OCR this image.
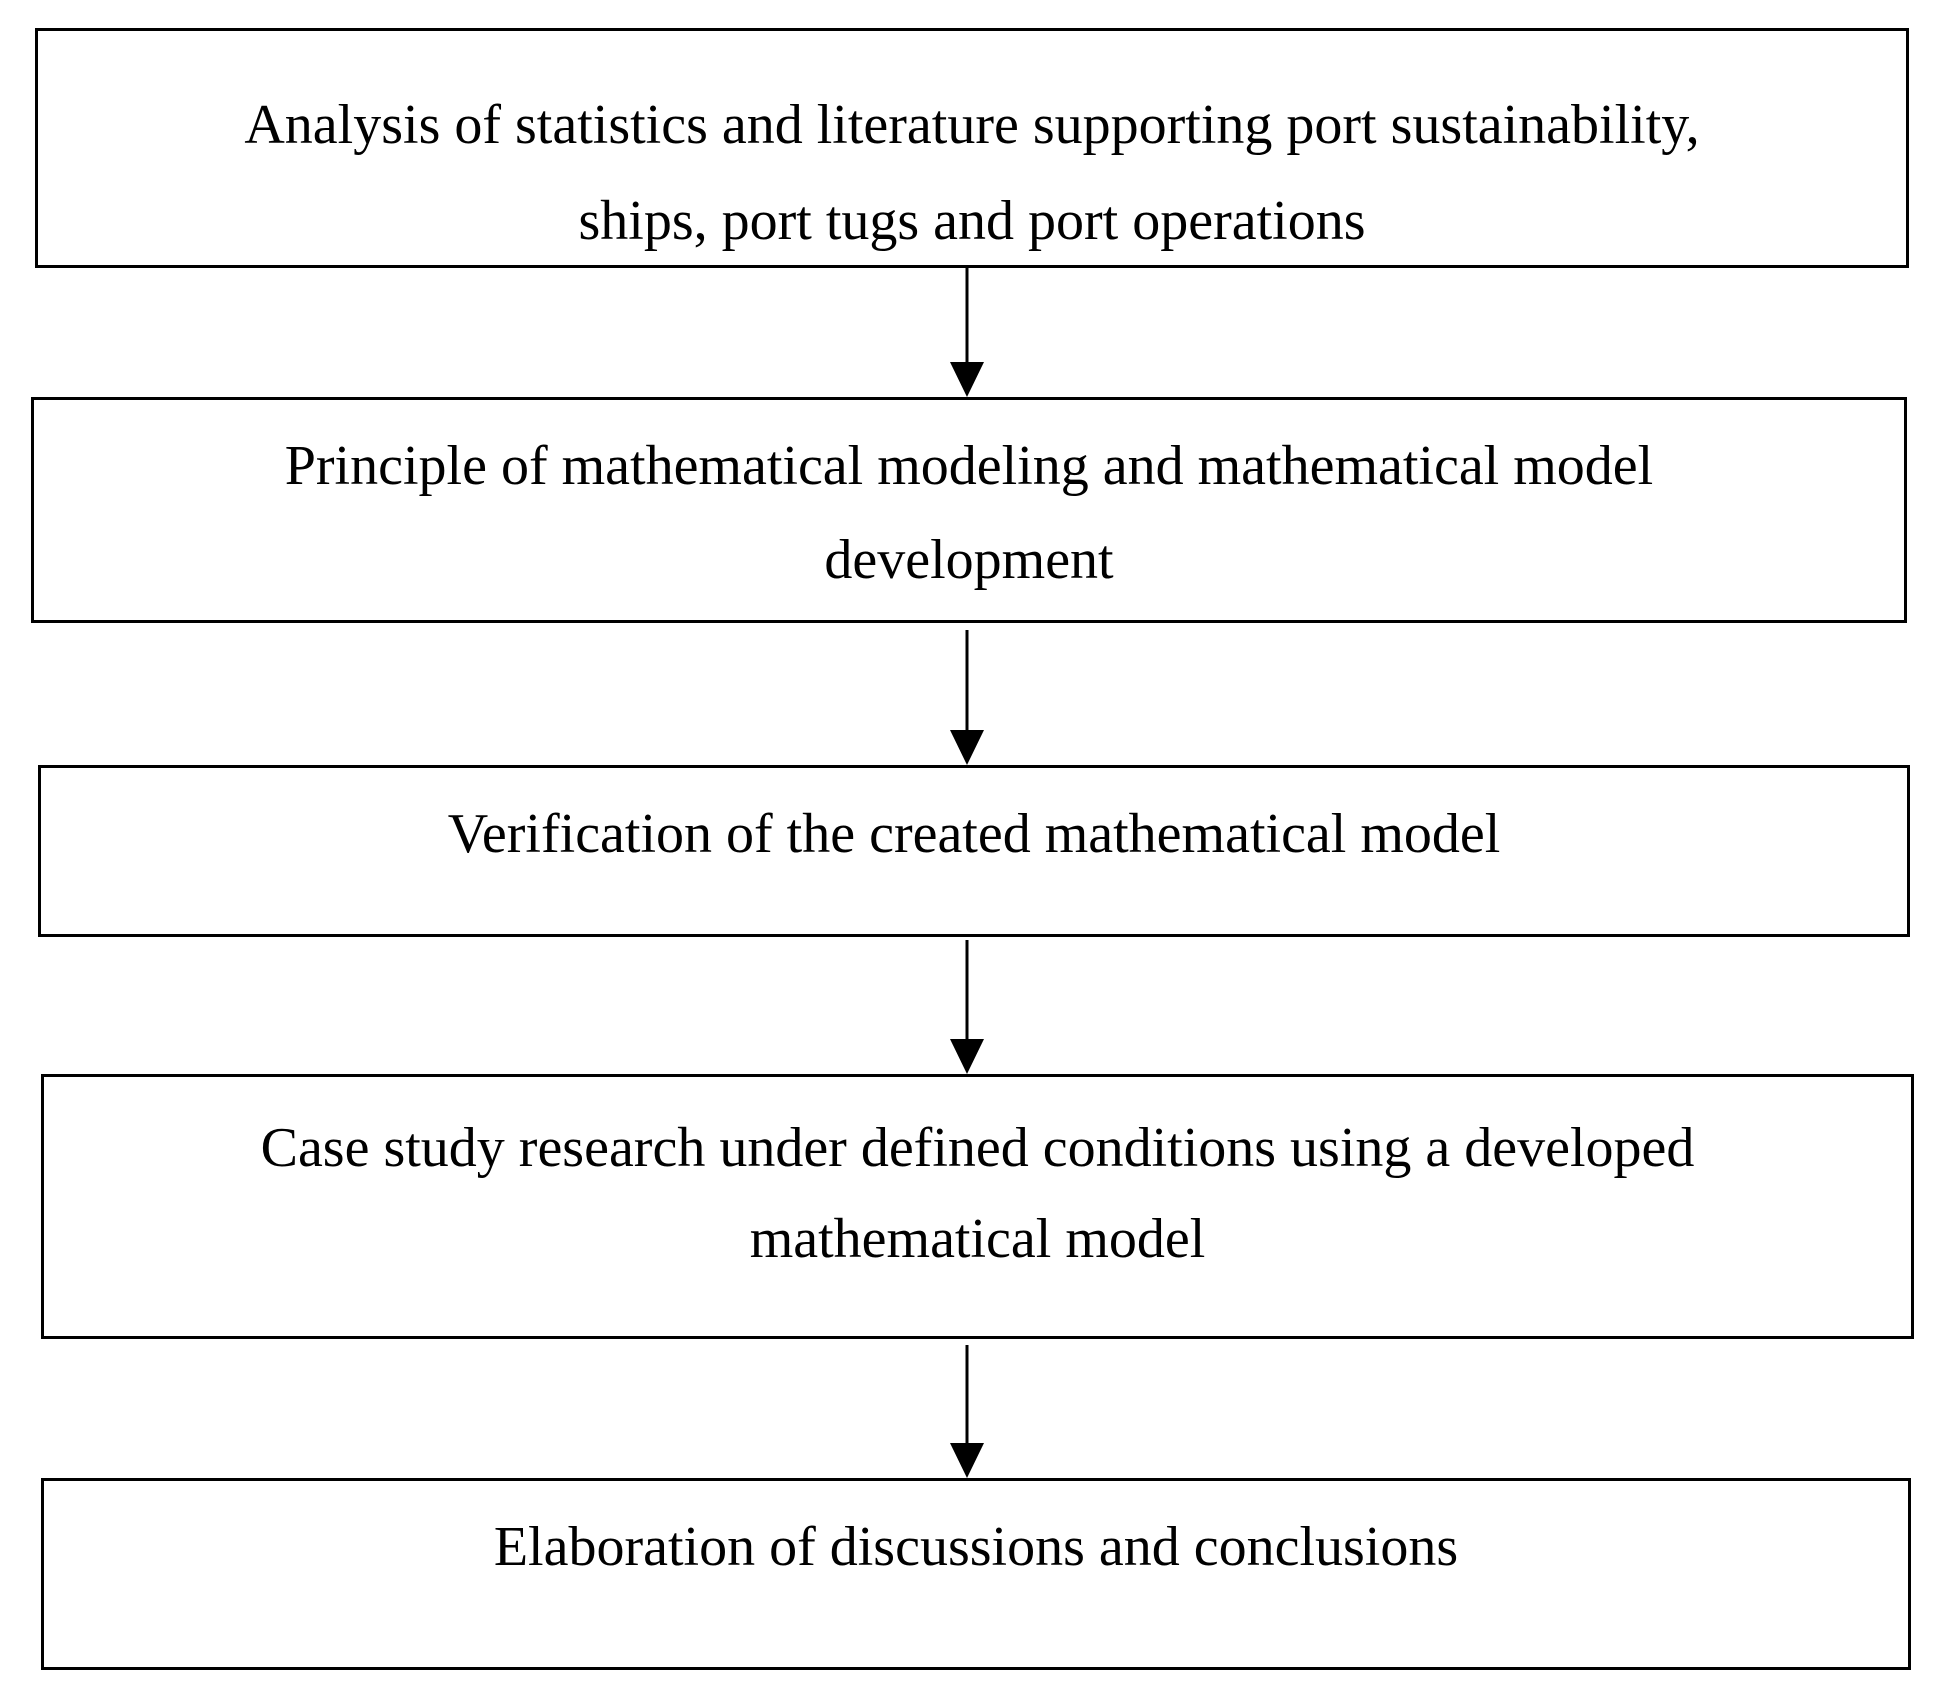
Analysis of statistics and literature supporting port sustainability,
ships, port tugs and port operations
Principle of mathematical modeling and mathematical model
development
Verification of the created mathematical model
Case study research under defined conditions using a developed
mathematical model
Elaboration of discussions and conclusions
